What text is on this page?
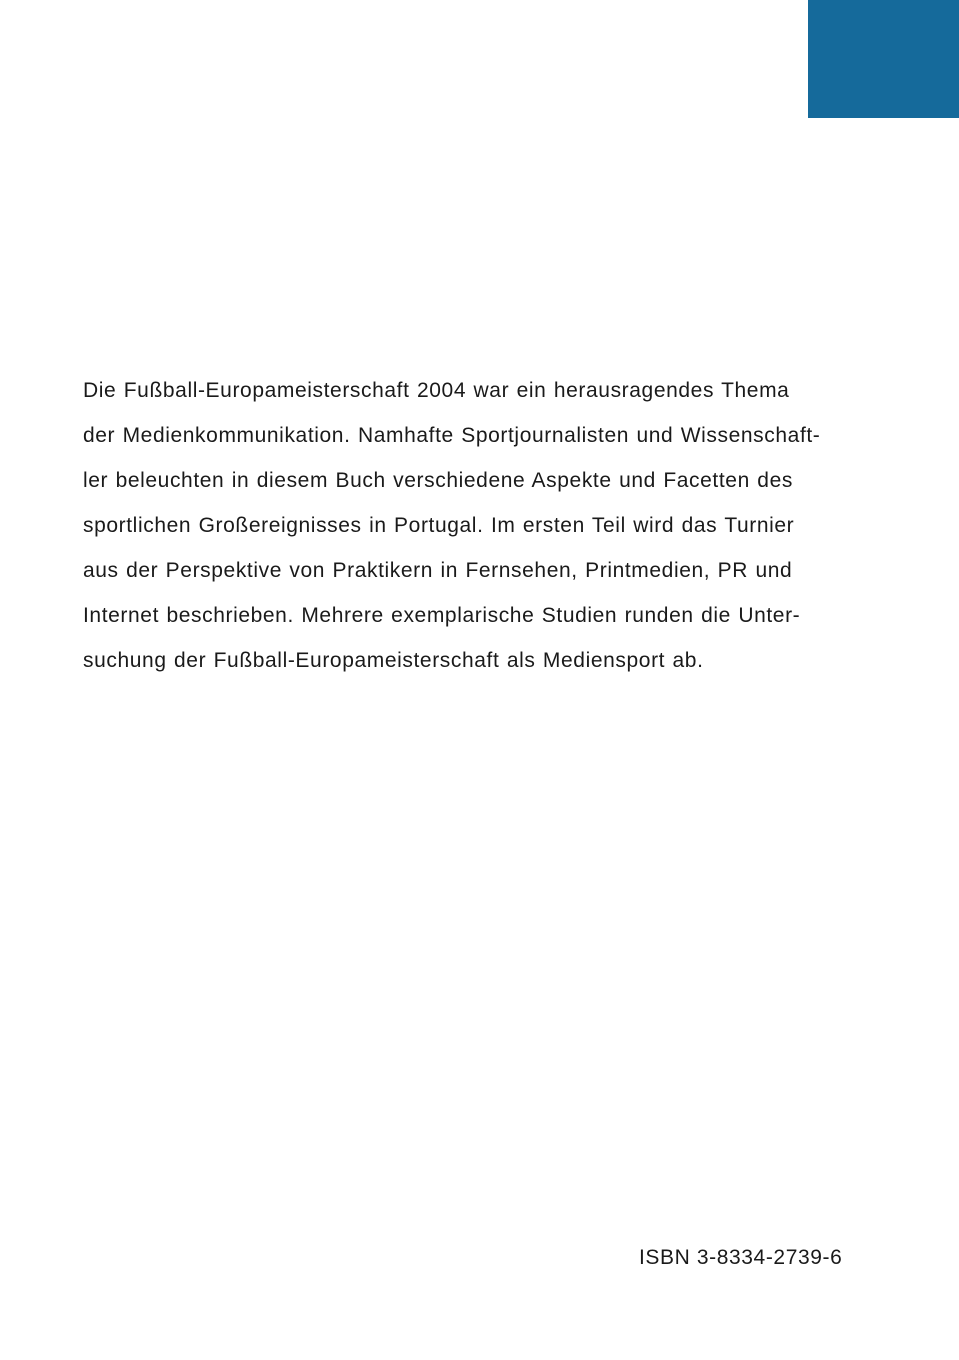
Die Fußball-Europameisterschaft 2004 war ein herausragendes Thema
der Medienkommunikation. Namhafte Sportjournalisten und Wissenschaft-
ler beleuchten in diesem Buch verschiedene Aspekte und Facetten des
sportlichen Großereignisses in Portugal. Im ersten Teil wird das Turnier
aus der Perspektive von Praktikern in Fernsehen, Printmedien, PR und
Internet beschrieben. Mehrere exemplarische Studien runden die Unter-
suchung der Fußball-Europameisterschaft als Mediensport ab.
ISBN 3-8334-2739-6
